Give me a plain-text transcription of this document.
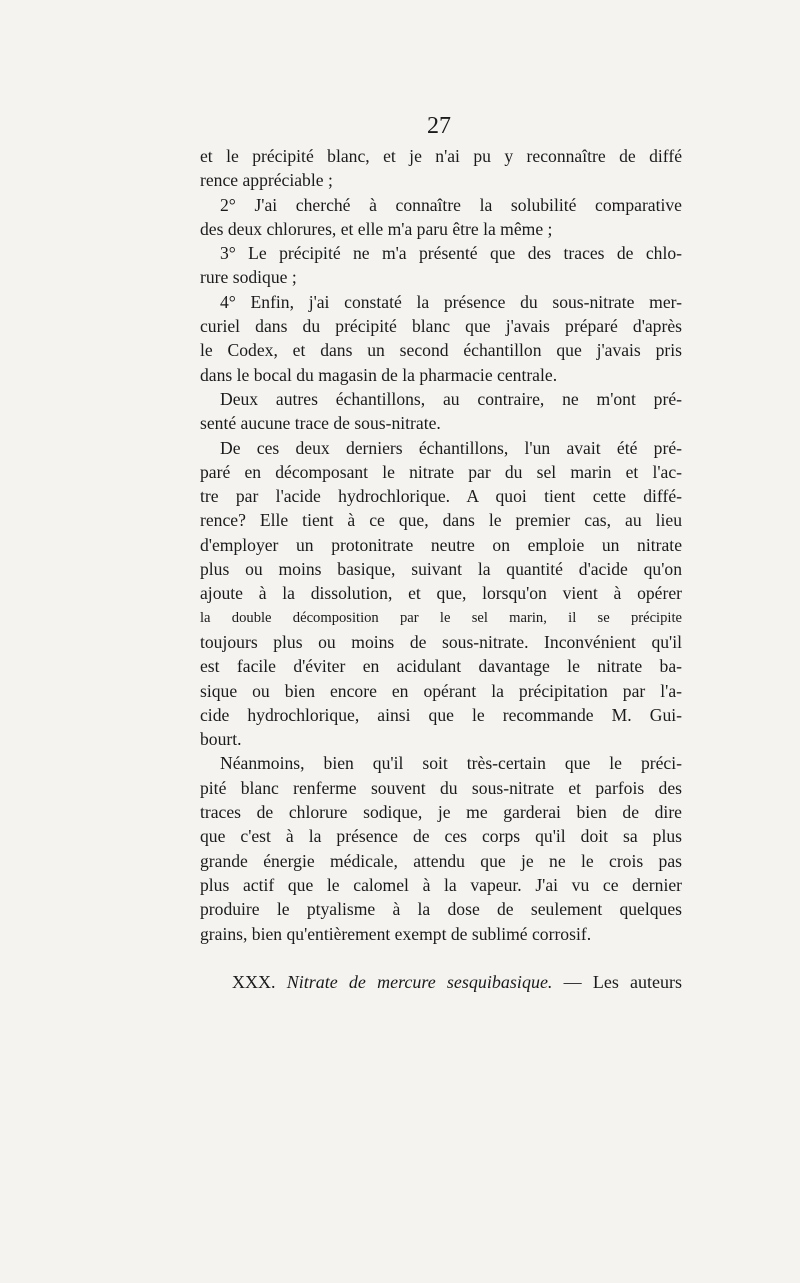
27
et le précipité blanc, et je n'ai pu y reconnaître de diffé
rence appréciable ;
2° J'ai cherché à connaître la solubilité comparative
des deux chlorures, et elle m'a paru être la même ;
3° Le précipité ne m'a présenté que des traces de chlo-
rure sodique ;
4° Enfin, j'ai constaté la présence du sous-nitrate mer-
curiel dans du précipité blanc que j'avais préparé d'après
le Codex, et dans un second échantillon que j'avais pris
dans le bocal du magasin de la pharmacie centrale.
Deux autres échantillons, au contraire, ne m'ont pré-
senté aucune trace de sous-nitrate.
De ces deux derniers échantillons, l'un avait été pré-
paré en décomposant le nitrate par du sel marin et l'ac-
tre par l'acide hydrochlorique. A quoi tient cette diffé-
rence? Elle tient à ce que, dans le premier cas, au lieu
d'employer un protonitrate neutre on emploie un nitrate
plus ou moins basique, suivant la quantité d'acide qu'on
ajoute à la dissolution, et que, lorsqu'on vient à opérer
la double décomposition par le sel marin, il se précipite
toujours plus ou moins de sous-nitrate. Inconvénient qu'il
est facile d'éviter en acidulant davantage le nitrate ba-
sique ou bien encore en opérant la précipitation par l'a-
cide hydrochlorique, ainsi que le recommande M. Gui-
bourt.
Néanmoins, bien qu'il soit très-certain que le préci-
pité blanc renferme souvent du sous-nitrate et parfois des
traces de chlorure sodique, je me garderai bien de dire
que c'est à la présence de ces corps qu'il doit sa plus
grande énergie médicale, attendu que je ne le crois pas
plus actif que le calomel à la vapeur. J'ai vu ce dernier
produire le ptyalisme à la dose de seulement quelques
grains, bien qu'entièrement exempt de sublimé corrosif.
XXX. Nitrate de mercure sesquibasique. — Les auteurs
